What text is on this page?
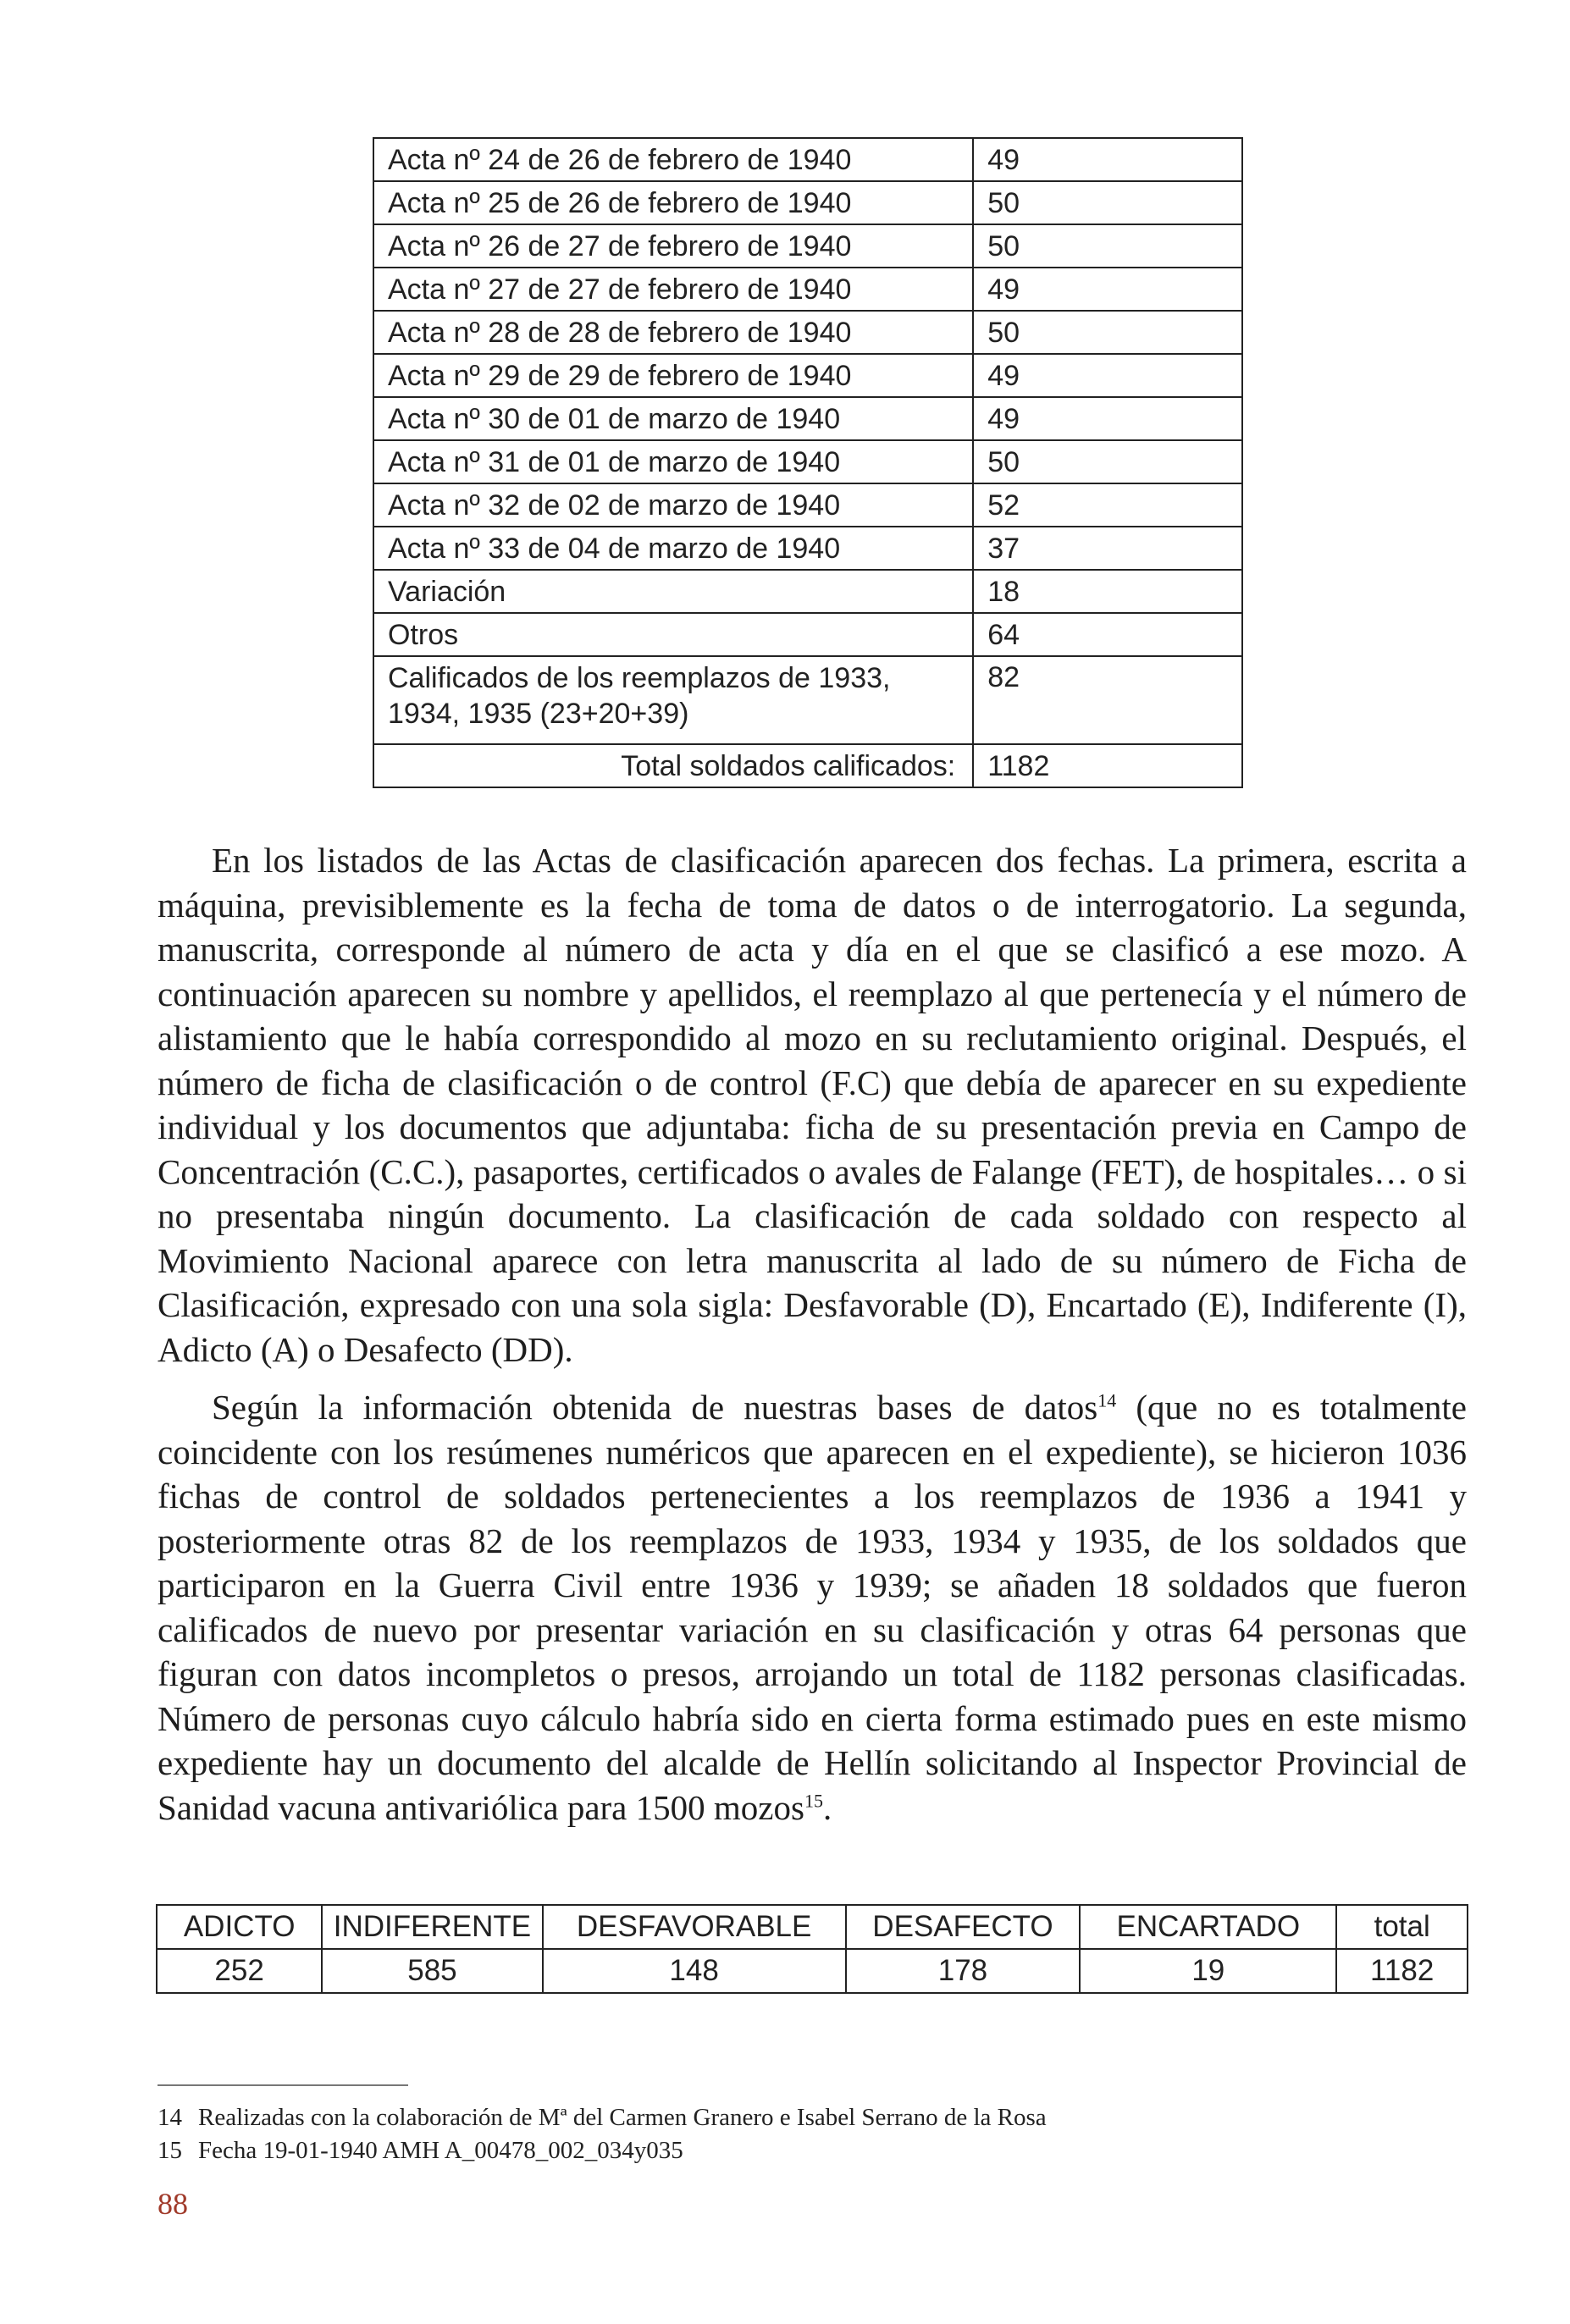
Acta nº 24 de 26 de febrero de 1940	49
Acta nº 25 de 26 de febrero de 1940	50
Acta nº 26 de 27 de febrero de 1940	50
Acta nº 27 de 27 de febrero de 1940	49
Acta nº 28 de 28 de febrero de 1940	50
Acta nº 29 de 29 de febrero de 1940	49
Acta nº 30 de 01 de marzo de 1940	49
Acta nº 31 de 01 de marzo de 1940	50
Acta nº 32 de 02 de marzo de 1940	52
Acta nº 33 de 04 de marzo de 1940	37
Variación	18
Otros	64
Calificados de los reemplazos de 1933,
1934, 1935 (23+20+39)	82
Total soldados calificados:	1182

En los listados de las Actas de clasificación aparecen dos fechas. La primera, escrita a máquina, previsiblemente es la fecha de toma de datos o de interrogatorio. La segunda, manuscrita, corresponde al número de acta y día en el que se clasificó a ese mozo. A continuación aparecen su nombre y apellidos, el reemplazo al que pertenecía y el número de alistamiento que le había correspondido al mozo en su reclutamiento original. Después, el número de ficha de clasificación o de control (F.C) que debía de aparecer en su expediente individual y los documentos que adjuntaba: ficha de su presentación previa en Campo de Concentración (C.C.), pasaportes, certificados o avales de Falange (FET), de hospitales… o si no presentaba ningún documento. La clasificación de cada soldado con respecto al Movimiento Nacional aparece con letra manuscrita al lado de su número de Ficha de Clasificación, expresado con una sola sigla: Desfavorable (D), Encartado (E), Indiferente (I), Adicto (A) o Desafecto (DD).

Según la información obtenida de nuestras bases de datos$^{14}$ (que no es totalmente coincidente con los resúmenes numéricos que aparecen en el expediente), se hicieron 1036 fichas de control de soldados pertenecientes a los reemplazos de 1936 a 1941 y posteriormente otras 82 de los reemplazos de 1933, 1934 y 1935, de los soldados que participaron en la Guerra Civil entre 1936 y 1939; se añaden 18 soldados que fueron calificados de nuevo por presentar variación en su clasificación y otras 64 personas que figuran con datos incompletos o presos, arrojando un total de 1182 personas clasificadas. Número de personas cuyo cálculo habría sido en cierta forma estimado pues en este mismo expediente hay un documento del alcalde de Hellín solicitando al Inspector Provincial de Sanidad vacuna antivariólica para 1500 mozos$^{15}$.

ADICTO	INDIFERENTE	DESFAVORABLE	DESAFECTO	ENCARTADO	total
252	585	148	178	19	1182
14 Realizadas con la colaboración de Mª del Carmen Granero e Isabel Serrano de la Rosa
15 Fecha 19-01-1940 AMH A_00478_002_034y035
88
